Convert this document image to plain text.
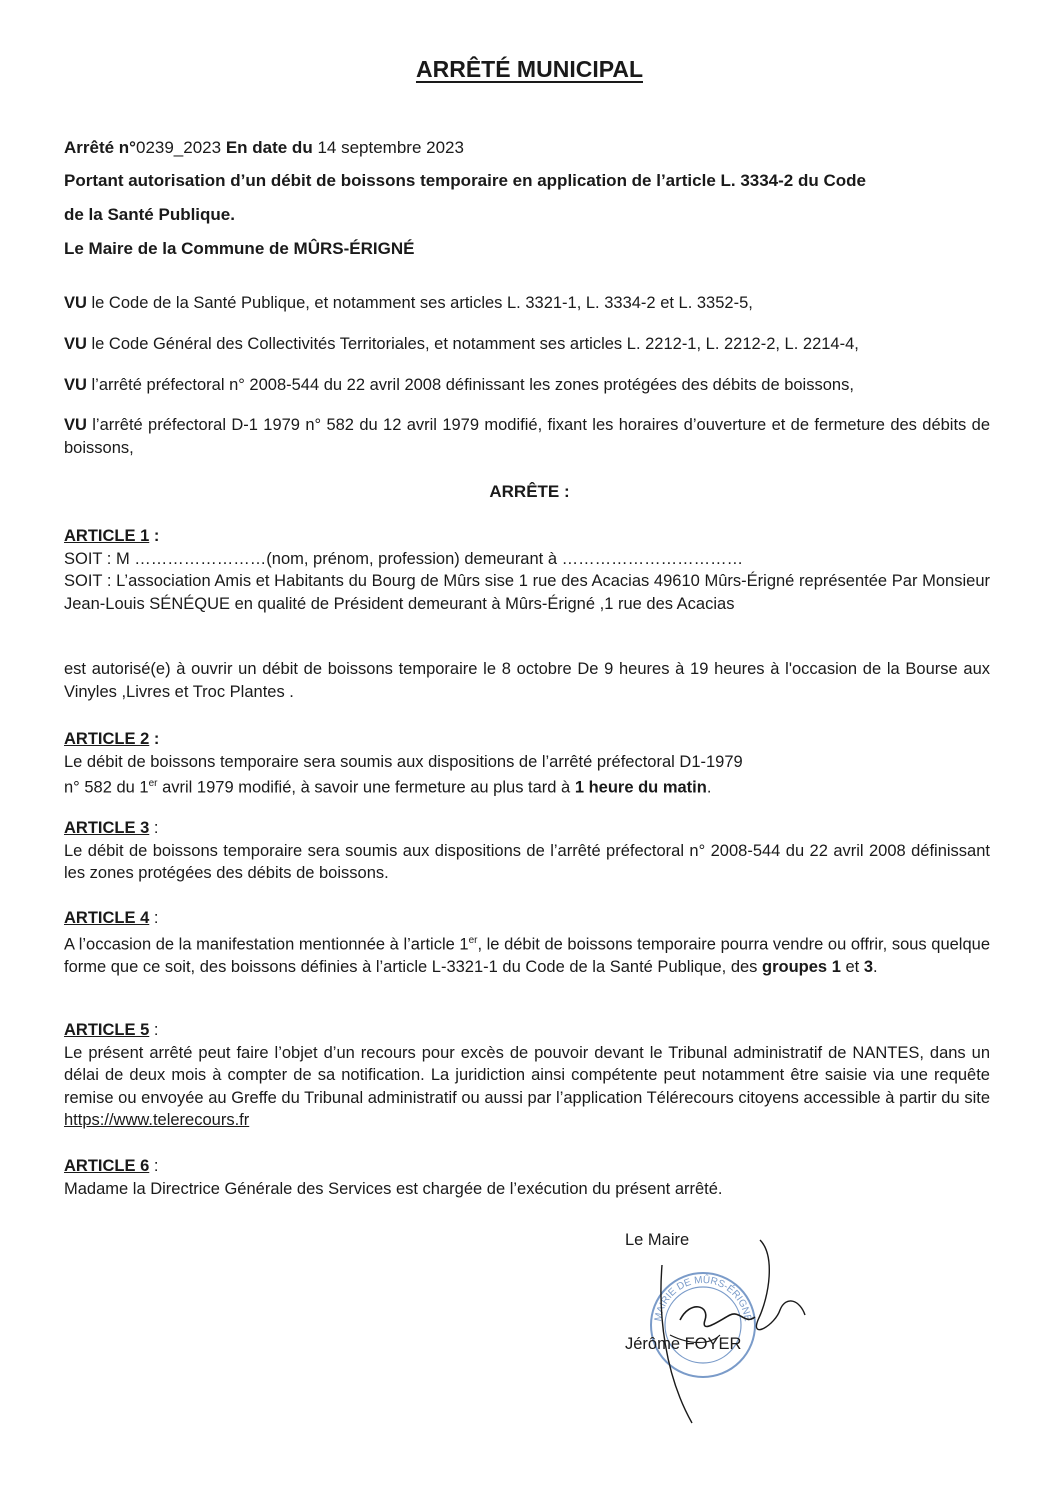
ARRÊTÉ MUNICIPAL
Arrêté n°0239_2023 En date du 14 septembre 2023
Portant autorisation d’un débit de boissons temporaire en application de l’article L. 3334-2 du Code
de la Santé Publique.
Le Maire de la Commune de MÛRS-ÉRIGNÉ
VU le Code de la Santé Publique, et notamment ses articles L. 3321-1, L. 3334-2 et L. 3352-5,
VU le Code Général des Collectivités Territoriales, et notamment ses articles L. 2212-1, L. 2212-2, L. 2214-4,
VU l’arrêté préfectoral n° 2008-544 du 22 avril 2008 définissant les zones protégées des débits de boissons,
VU l’arrêté préfectoral D-1 1979 n° 582 du 12 avril 1979 modifié, fixant les horaires d’ouverture et de fermeture des débits de boissons,
ARRÊTE :
ARTICLE 1 :
SOIT : M ……………………(nom, prénom, profession) demeurant à ……………………………
SOIT : L’association Amis et Habitants du Bourg de Mûrs sise 1 rue des Acacias 49610 Mûrs-Érigné représentée Par Monsieur Jean-Louis SÉNÉQUE en qualité de Président demeurant à Mûrs-Érigné ,1 rue des Acacias
est autorisé(e) à ouvrir un débit de boissons temporaire le 8 octobre De 9 heures à 19 heures à l'occasion de la Bourse aux Vinyles ,Livres et Troc Plantes .
ARTICLE 2 :
Le débit de boissons temporaire sera soumis aux dispositions de l’arrêté préfectoral D1-1979
n° 582 du 1er avril 1979 modifié, à savoir une fermeture au plus tard à 1 heure du matin.
ARTICLE 3 :
Le débit de boissons temporaire sera soumis aux dispositions de l’arrêté préfectoral n° 2008-544 du 22 avril 2008 définissant les zones protégées des débits de boissons.
ARTICLE 4 :
A l’occasion de la manifestation mentionnée à l’article 1er, le débit de boissons temporaire pourra vendre ou offrir, sous quelque forme que ce soit, des boissons définies à l’article L-3321-1 du Code de la Santé Publique, des groupes 1 et 3.
ARTICLE 5 :
Le présent arrêté peut faire l’objet d’un recours pour excès de pouvoir devant le Tribunal administratif de NANTES, dans un délai de deux mois à compter de sa notification. La juridiction ainsi compétente peut notamment être saisie via une requête remise ou envoyée au Greffe du Tribunal administratif ou aussi par l’application Télérecours citoyens accessible à partir du site https://www.telerecours.fr
ARTICLE 6 :
Madame la Directrice Générale des Services est chargée de l’exécution du présent arrêté.
MAIRIE DE MÛRS-ÉRIGNÉ
Le Maire
Jérôme FOYER
